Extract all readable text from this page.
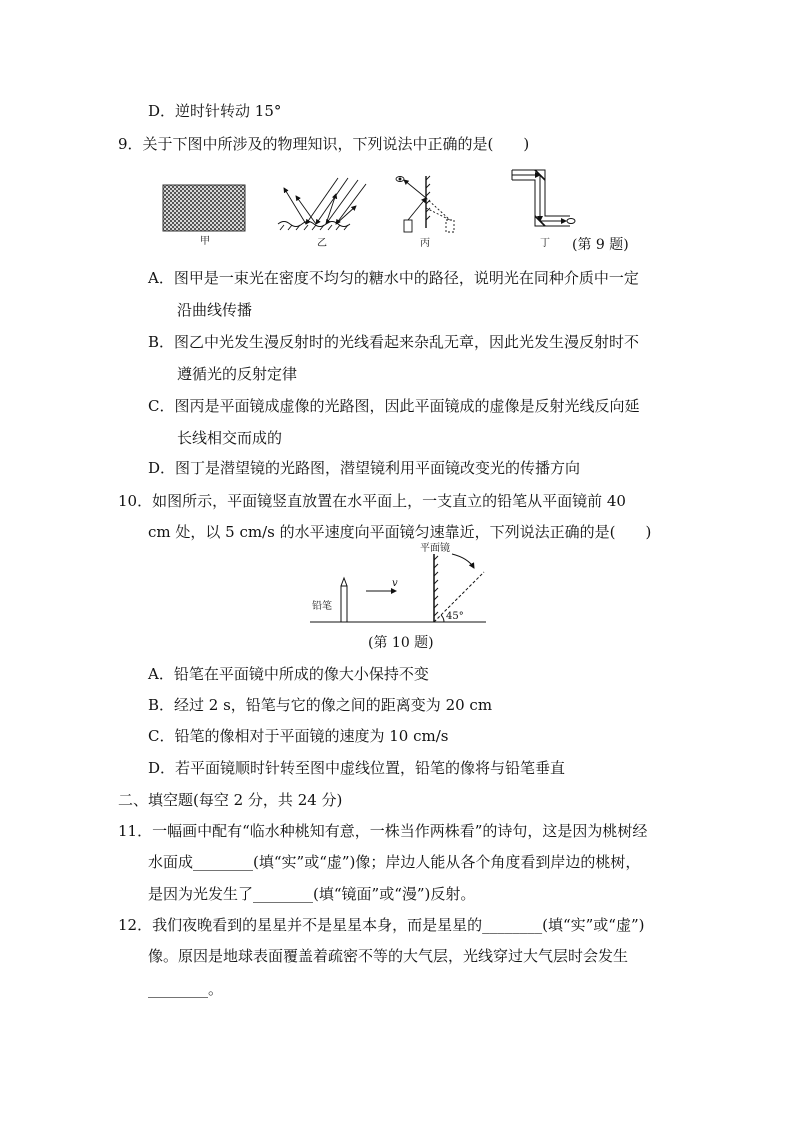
D．逆时针转动 15°
9．关于下图中所涉及的物理知识，下列说法中正确的是(　　)
甲	乙	丙	丁 (第 9 题)
A．图甲是一束光在密度不均匀的糖水中的路径，说明光在同种介质中一定
沿曲线传播
B．图乙中光发生漫反射时的光线看起来杂乱无章，因此光发生漫反射时不
遵循光的反射定律
C．图丙是平面镜成虚像的光路图，因此平面镜成的虚像是反射光线反向延
长线相交而成的
D．图丁是潜望镜的光路图，潜望镜利用平面镜改变光的传播方向
10．如图所示，平面镜竖直放置在水平面上，一支直立的铅笔从平面镜前 40
cm 处，以 5 cm/s 的水平速度向平面镜匀速靠近，下列说法正确的是(　　)
铅笔
v
平面镜
45°
(第 10 题)
A．铅笔在平面镜中所成的像大小保持不变
B．经过 2 s，铅笔与它的像之间的距离变为 20 cm
C．铅笔的像相对于平面镜的速度为 10 cm/s
D．若平面镜顺时针转至图中虚线位置，铅笔的像将与铅笔垂直
二、填空题(每空 2 分，共 24 分)
11．一幅画中配有“临水种桃知有意，一株当作两株看”的诗句，这是因为桃树经
水面成________(填“实”或“虚”)像；岸边人能从各个角度看到岸边的桃树，
是因为光发生了________(填“镜面”或“漫”)反射。
12．我们夜晚看到的星星并不是星星本身，而是星星的________(填“实”或“虚”)
像。原因是地球表面覆盖着疏密不等的大气层，光线穿过大气层时会发生
________。
